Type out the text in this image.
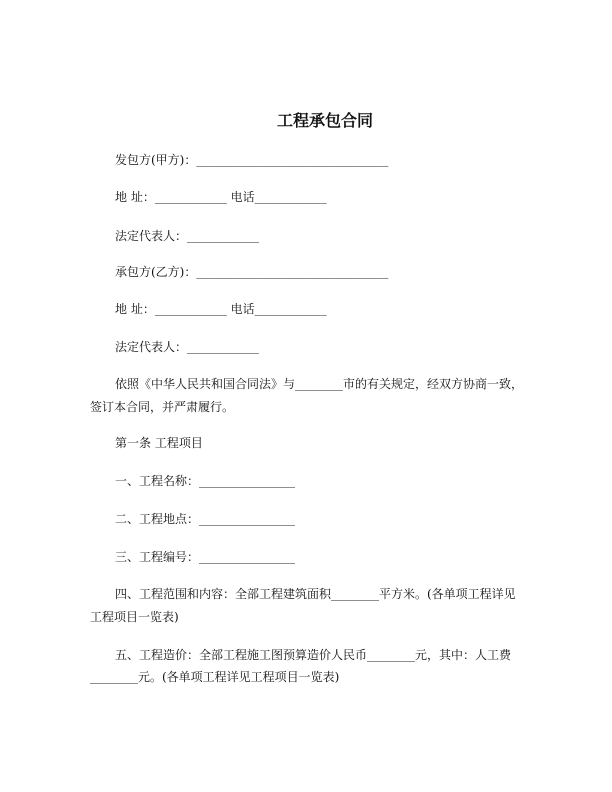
工程承包合同
发包方(甲方)：________________________________
地 址：____________ 电话____________
法定代表人：____________
承包方(乙方)：________________________________
地 址：____________ 电话____________
法定代表人：____________
依照《中华人民共和国合同法》与________市的有关规定，经双方协商一致，
签订本合同，并严肃履行。
第一条 工程项目
一、工程名称：________________
二、工程地点：________________
三、工程编号：________________
四、工程范围和内容：全部工程建筑面积________平方米。(各单项工程详见
工程项目一览表)
五、工程造价：全部工程施工图预算造价人民币________元，其中：人工费
________元。(各单项工程详见工程项目一览表)
